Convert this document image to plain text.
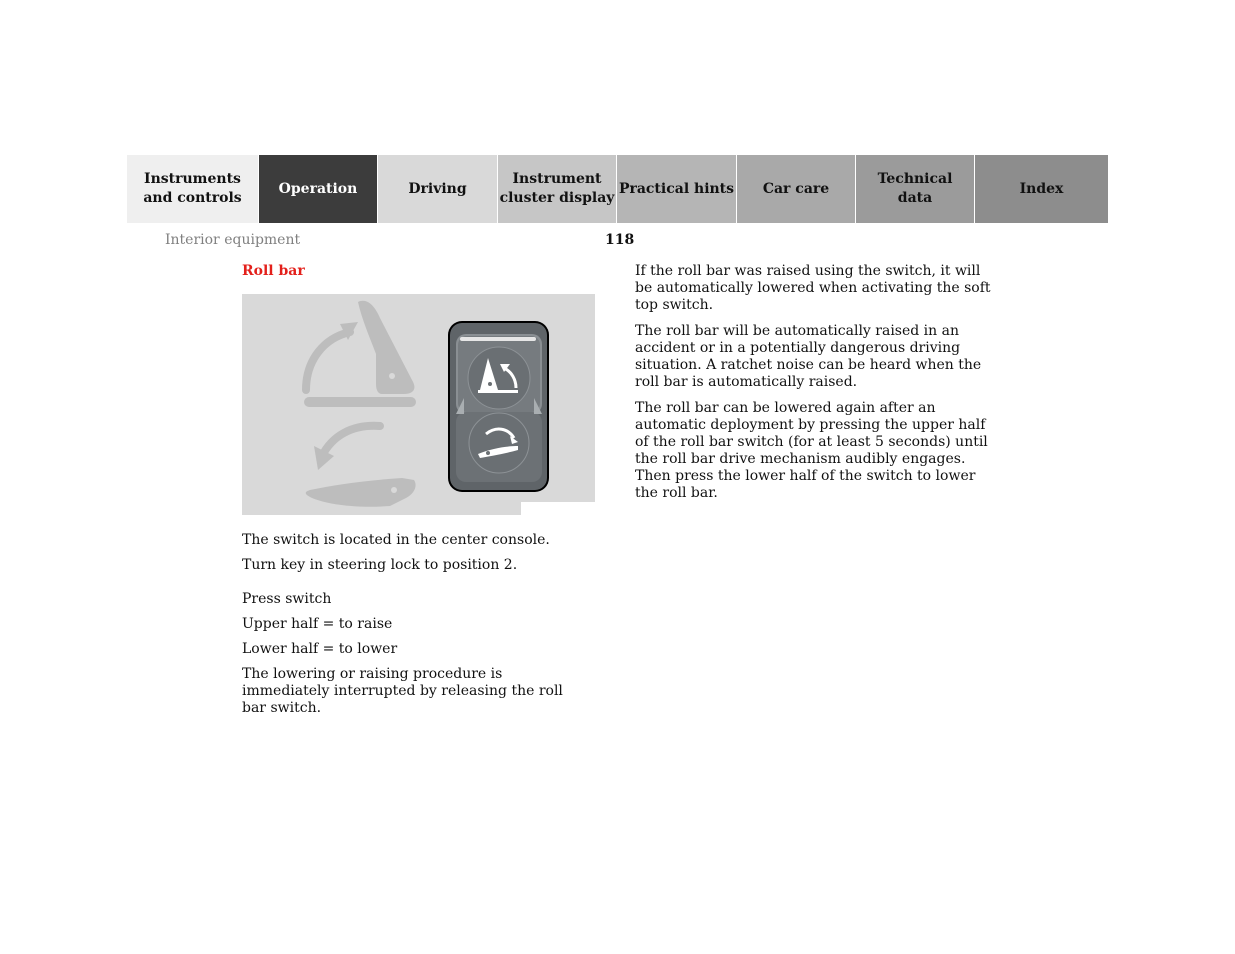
Instruments
and controls
Operation	Driving
Instrument
cluster display
Practical hints Car care
Technical
data
Index
Interior equipment	118
Roll bar

The switch is located in the center console.

Turn key in steering lock to position 2.

Press switch

Upper half = to raise

Lower half = to lower

The lowering or raising procedure is immediately interrupted by releasing the roll bar switch.

If the roll bar was raised using the switch, it will be automatically lowered when activating the soft top switch.

The roll bar will be automatically raised in an accident or in a potentially dangerous driving situation. A ratchet noise can be heard when the roll bar is automatically raised.

The roll bar can be lowered again after an automatic deployment by pressing the upper half of the roll bar switch (for at least 5 seconds) until the roll bar drive mechanism audibly engages. Then press the lower half of the switch to lower the roll bar.
